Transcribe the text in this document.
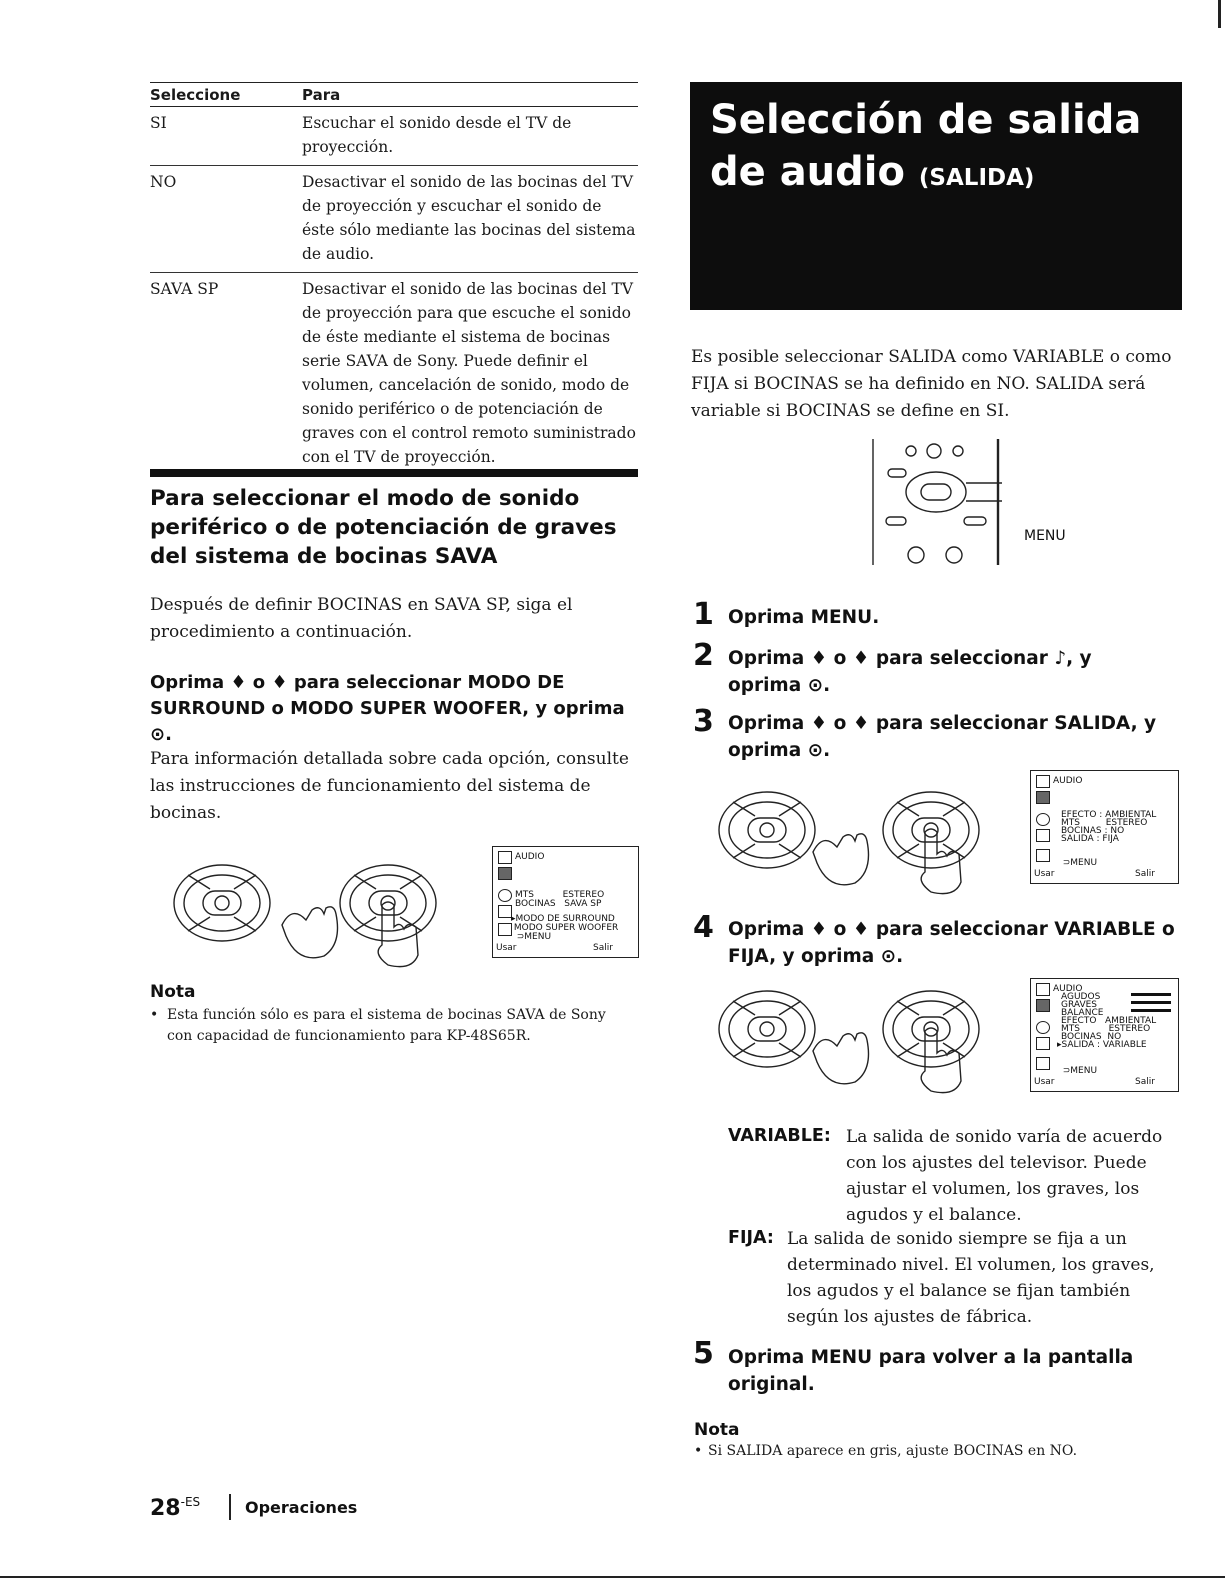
Seleccione	Para
SI	Escuchar el sonido desde el TV de proyección.
NO	Desactivar el sonido de las bocinas del TV de proyección y escuchar el sonido de éste sólo mediante las bocinas del sistema de audio.
SAVA SP	Desactivar el sonido de las bocinas del TV de proyección para que escuche el sonido de éste mediante el sistema de bocinas serie SAVA de Sony. Puede definir el volumen, cancelación de sonido, modo de sonido periférico o de potenciación de graves con el control remoto suministrado con el TV de proyección.
Para seleccionar el modo de sonido periférico o de potenciación de graves del sistema de bocinas SAVA

Después de definir BOCINAS en SAVA SP, siga el procedimiento a continuación.

Oprima ♦ o ♦ para seleccionar MODO DE SURROUND o MODO SUPER WOOFER, y oprima ⊙.

Para información detallada sobre cada opción, consulte las instrucciones de funcionamiento del sistema de bocinas.

AUDIO
MTS          ESTEREO
BOCINAS   SAVA SP
▸MODO DE SURROUND
MODO SUPER WOOFER
⊃MENU
Usar	Salir
Nota
• Esta función sólo es para el sistema de bocinas SAVA de Sony con capacidad de funcionamiento para KP-48S65R.
Selección de salida
de audio (SALIDA)

Es posible seleccionar SALIDA como VARIABLE o como FIJA si BOCINAS se ha definido en NO. SALIDA será variable si BOCINAS se define en SI.

MENU
1 Oprima MENU.
2 Oprima ♦ o ♦ para seleccionar ♪, y oprima ⊙.
3 Oprima ♦ o ♦ para seleccionar SALIDA, y oprima ⊙.
4 Oprima ♦ o ♦ para seleccionar VARIABLE o FIJA, y oprima ⊙.
5 Oprima MENU para volver a la pantalla original.
AUDIO
EFECTO : AMBIENTAL
MTS         ESTEREO
BOCINAS : NO
SALIDA : FIJA
⊃MENU
Usar	Salir
AUDIO
AGUDOS
GRAVES
BALANCE
EFECTO   AMBIENTAL
MTS          ESTEREO
BOCINAS  NO
▸SALIDA : VARIABLE
⊃MENU
Usar	Salir
VARIABLE: La salida de sonido varía de acuerdo con los ajustes del televisor. Puede ajustar el volumen, los graves, los agudos y el balance.
FIJA: La salida de sonido siempre se fija a un determinado nivel. El volumen, los graves, los agudos y el balance se fijan también según los ajustes de fábrica.
Nota
• Si SALIDA aparece en gris, ajuste BOCINAS en NO.
$28^{-ES}$	Operaciones
